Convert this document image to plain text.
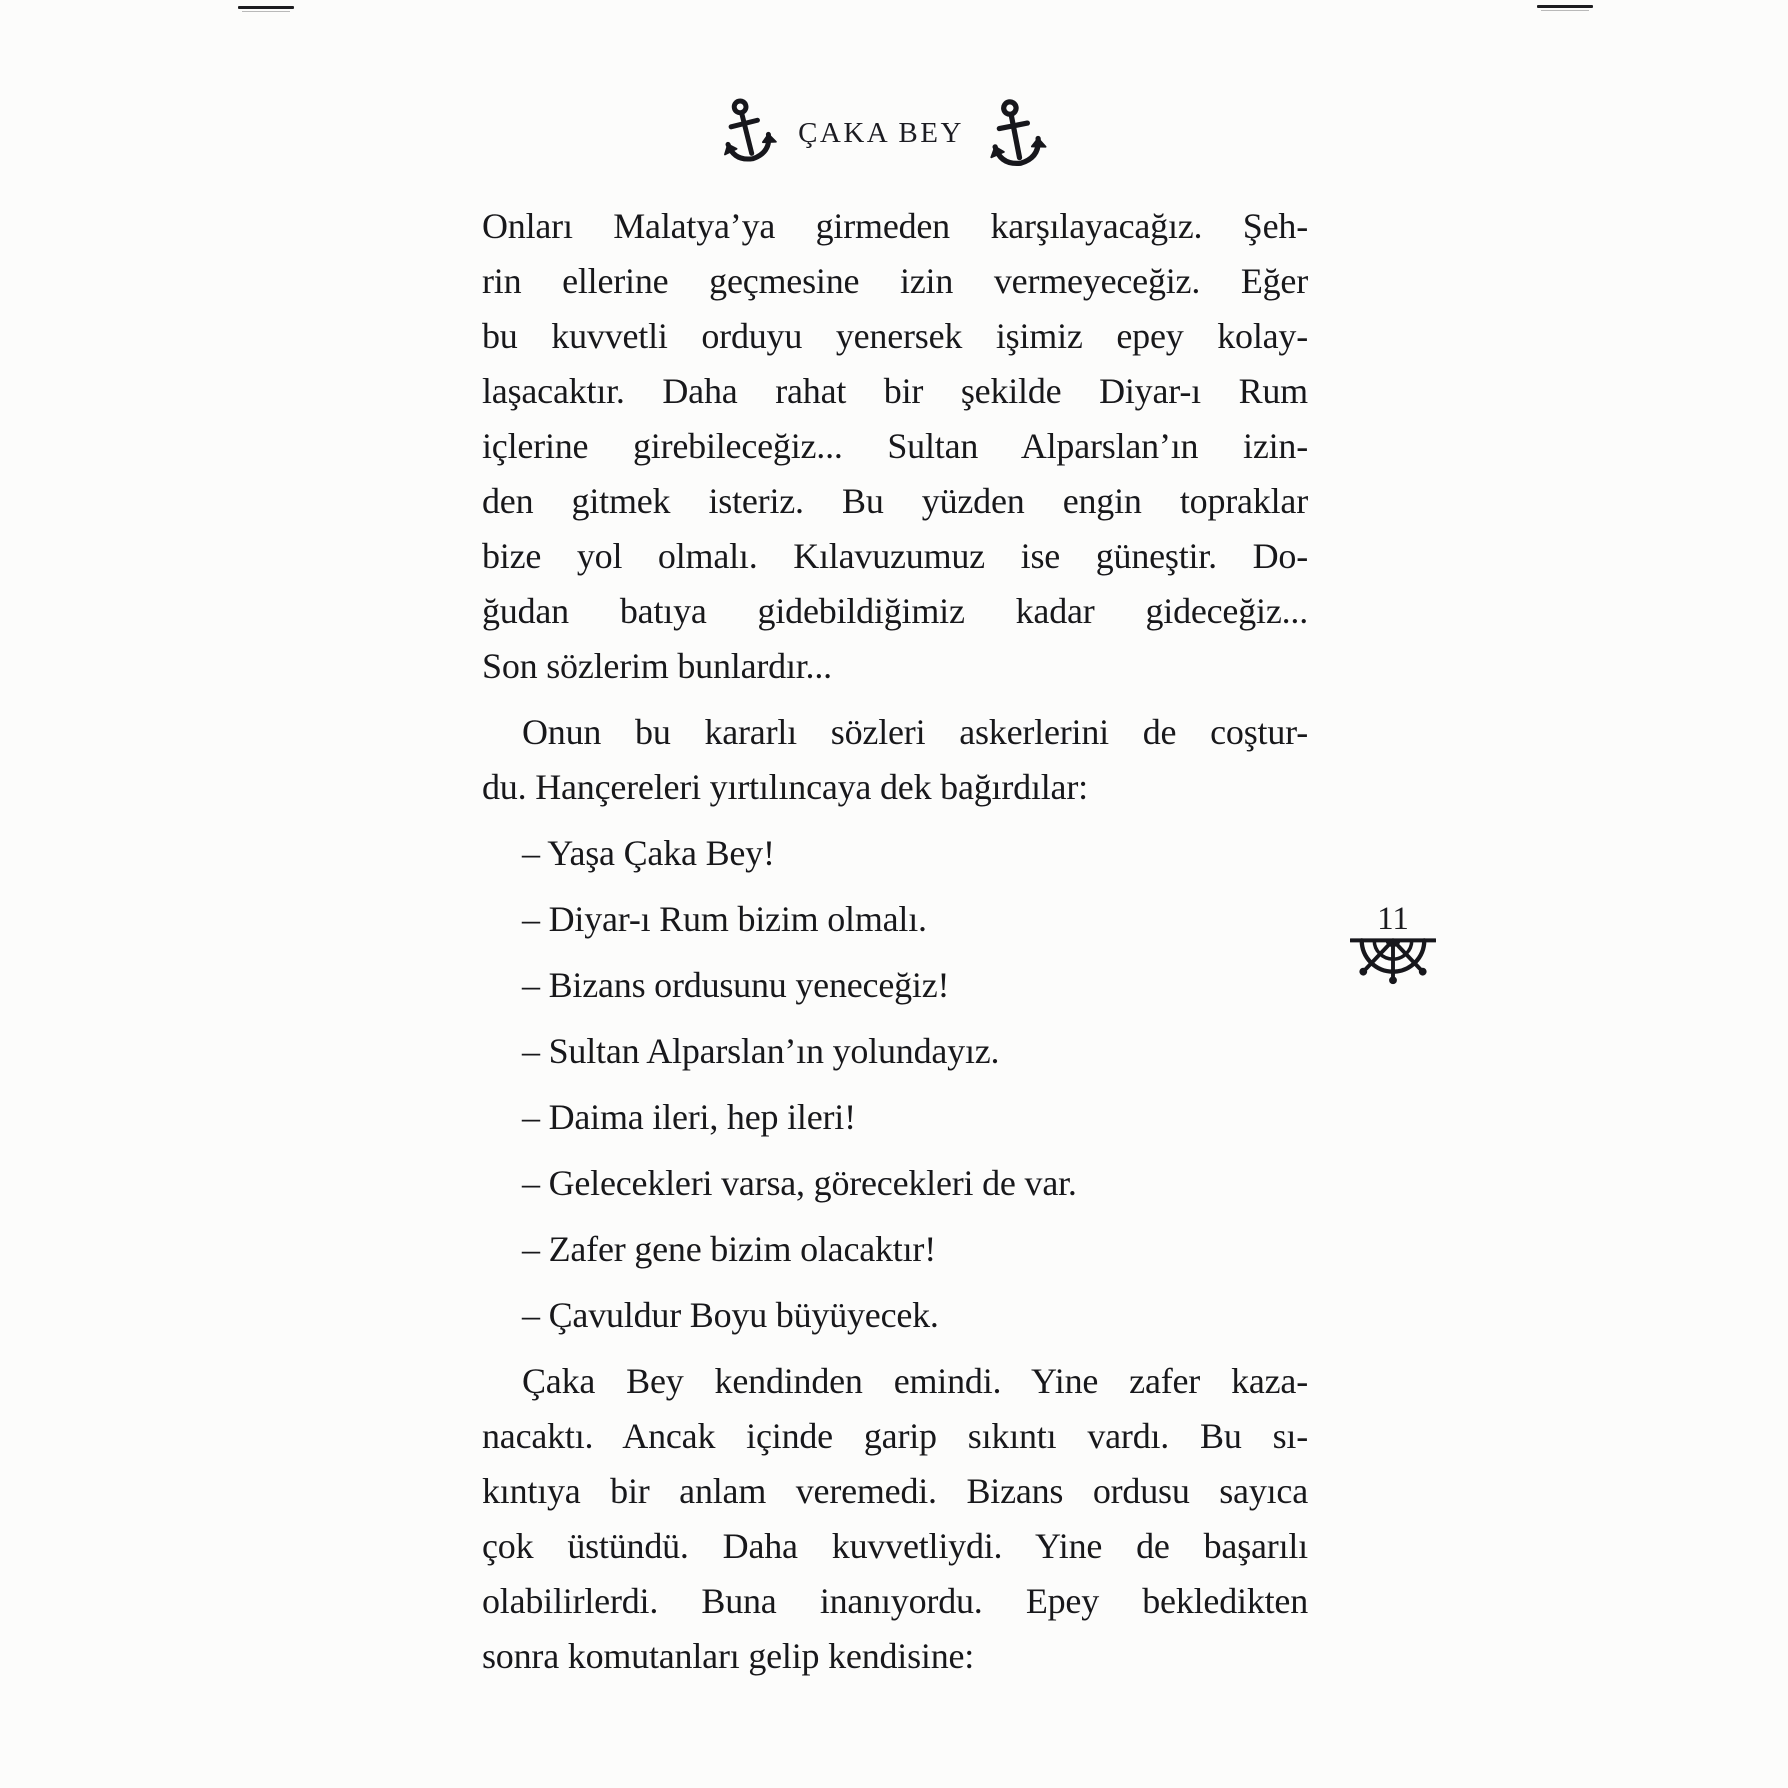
ÇAKA BEY
11

Onları Malatya’ya girmeden karşılayacağız. Şeh-
rin ellerine geçmesine izin vermeyeceğiz. Eğer
bu kuvvetli orduyu yenersek işimiz epey kolay-
laşacaktır. Daha rahat bir şekilde Diyar-ı Rum
içlerine girebileceğiz... Sultan Alparslan’ın izin-
den gitmek isteriz. Bu yüzden engin topraklar
bize yol olmalı. Kılavuzumuz ise güneştir. Do-
ğudan batıya gidebildiğimiz kadar gideceğiz...
Son sözlerim bunlardır...

Onun bu kararlı sözleri askerlerini de coştur-
du. Hançereleri yırtılıncaya dek bağırdılar:

– Yaşa Çaka Bey!

– Diyar-ı Rum bizim olmalı.

– Bizans ordusunu yeneceğiz!

– Sultan Alparslan’ın yolundayız.

– Daima ileri, hep ileri!

– Gelecekleri varsa, görecekleri de var.

– Zafer gene bizim olacaktır!

– Çavuldur Boyu büyüyecek.

Çaka Bey kendinden emindi. Yine zafer kaza-
nacaktı. Ancak içinde garip sıkıntı vardı. Bu sı-
kıntıya bir anlam veremedi. Bizans ordusu sayıca
çok üstündü. Daha kuvvetliydi. Yine de başarılı
olabilirlerdi. Buna inanıyordu. Epey bekledikten
sonra komutanları gelip kendisine:
